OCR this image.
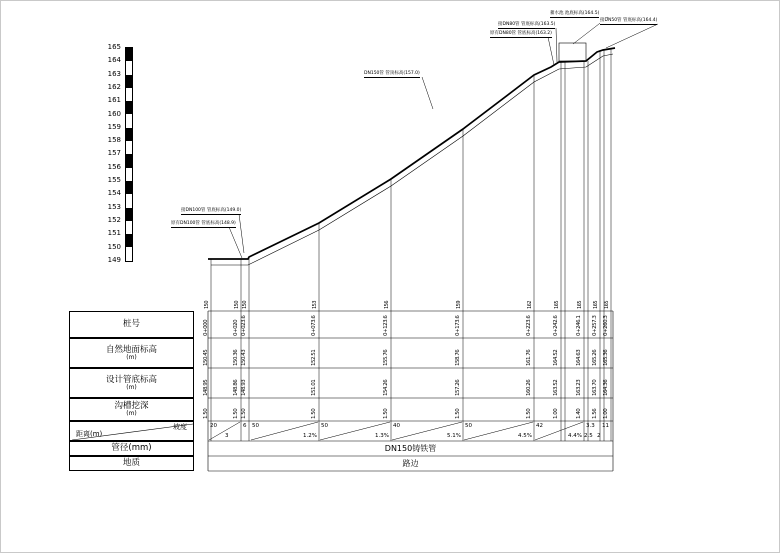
165
164
163
162
161
160
159
158
157
156
155
154
153
152
151
150
149
桩号
自然地面标高
(m)
设计管底标高
(m)
沟槽挖深
(m)
距离(m)
坡度
管径(mm)
地质
150
0+000
150.45
148.95
1.50
150
0+020
150.36
148.86
1.50
150
0+023.6
150.43
148.93
1.50
153
0+073.6
152.51
151.01
1.50
156
0+123.6
155.76
154.26
1.50
159
0+173.6
158.76
157.26
1.50
162
0+223.6
161.76
160.26
1.50
165
0+242.6
164.52
163.52
1.00
165
0+246.1
164.63
163.23
1.40
165
0+257.3
165.26
163.70
1.56
165
0+260.3
165.36
164.36
1.00
20
3
6 50
1.2%
50
1.3%
40
5.1%
50
4.5%
42
4.4%
3.3
2.5
11
2
接DN100管 管底标高(149.0)
原有DN100管 管底标高(148.9)
DN150管 管顶标高(157.0)
接DN80管 管底标高(163.5)
原有DN80管 管底标高(163.2)
蓄水池 池底标高(164.5)
接DN50管 管底标高(164.4)
DN150铸铁管
路边
